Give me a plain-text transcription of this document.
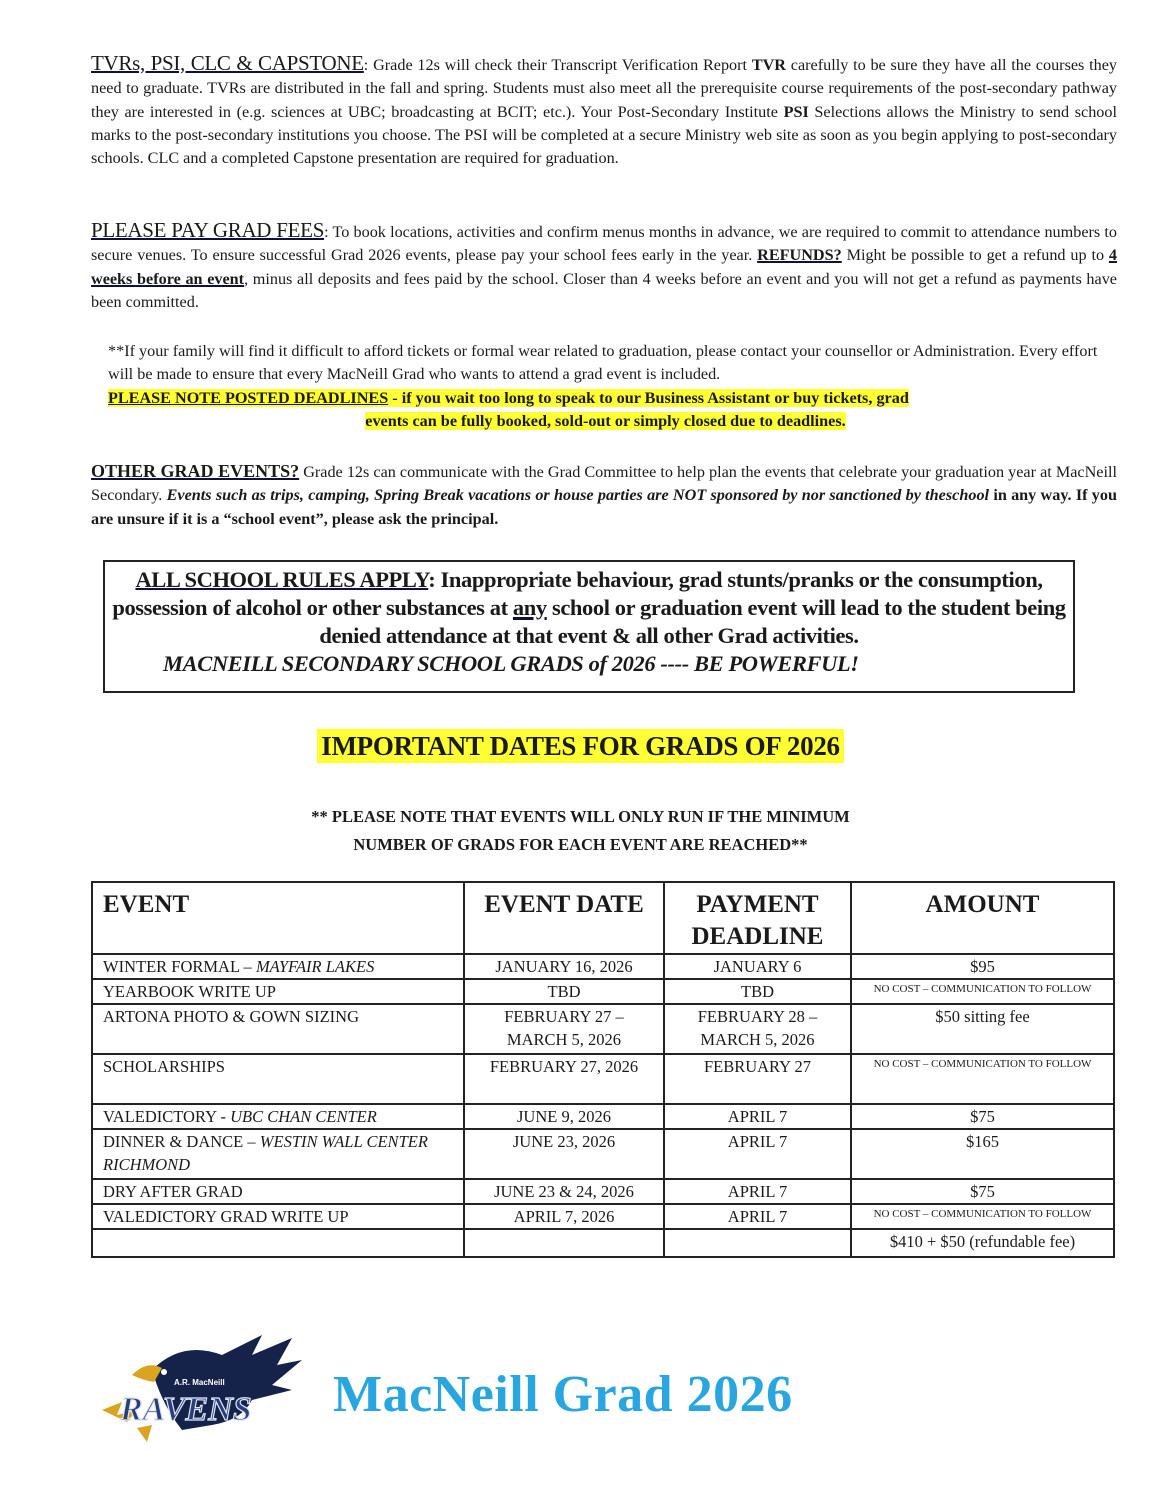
TVRs, PSI, CLC & CAPSTONE: Grade 12s will check their Transcript Verification Report TVR carefully to be sure they have all the courses they need to graduate. TVRs are distributed in the fall and spring. Students must also meet all the prerequisite course requirements of the post-secondary pathway they are interested in (e.g. sciences at UBC; broadcasting at BCIT; etc.). Your Post-Secondary Institute PSI Selections allows the Ministry to send school marks to the post-secondary institutions you choose. The PSI will be completed at a secure Ministry web site as soon as you begin applying to post-secondary schools. CLC and a completed Capstone presentation are required for graduation.
PLEASE PAY GRAD FEES: To book locations, activities and confirm menus months in advance, we are required to commit to attendance numbers to secure venues. To ensure successful Grad 2026 events, please pay your school fees early in the year. REFUNDS? Might be possible to get a refund up to 4 weeks before an event, minus all deposits and fees paid by the school. Closer than 4 weeks before an event and you will not get a refund as payments have been committed.
**If your family will find it difficult to afford tickets or formal wear related to graduation, please contact your counsellor or Administration. Every effort will be made to ensure that every MacNeill Grad who wants to attend a grad event is included.
PLEASE NOTE POSTED DEADLINES - if you wait too long to speak to our Business Assistant or buy tickets, grad
events can be fully booked, sold-out or simply closed due to deadlines.
OTHER GRAD EVENTS? Grade 12s can communicate with the Grad Committee to help plan the events that celebrate your graduation year at MacNeill Secondary. Events such as trips, camping, Spring Break vacations or house parties are NOT sponsored by nor sanctioned by theschool in any way. If you are unsure if it is a “school event”, please ask the principal.
ALL SCHOOL RULES APPLY: Inappropriate behaviour, grad stunts/pranks or the consumption, possession of alcohol or other substances at any school or graduation event will lead to the student being denied attendance at that event & all other Grad activities.
MACNEILL SECONDARY SCHOOL GRADS of 2026 ---- BE POWERFUL!
IMPORTANT DATES FOR GRADS OF 2026
** PLEASE NOTE THAT EVENTS WILL ONLY RUN IF THE MINIMUM
NUMBER OF GRADS FOR EACH EVENT ARE REACHED**
EVENT	EVENT DATE	PAYMENT DEADLINE	AMOUNT
WINTER FORMAL – MAYFAIR LAKES	JANUARY 16, 2026	JANUARY 6	$95
YEARBOOK WRITE UP	TBD	TBD	NO COST – COMMUNICATION TO FOLLOW

ARTONA PHOTO & GOWN SIZING	FEBRUARY 27 – MARCH 5, 2026	FEBRUARY 28 – MARCH 5, 2026	$50 sitting fee
SCHOLARSHIPS	FEBRUARY 27, 2026	FEBRUARY 27	NO COST – COMMUNICATION TO FOLLOW

VALEDICTORY - UBC CHAN CENTER	JUNE 9, 2026	APRIL 7	$75
DINNER & DANCE – WESTIN WALL CENTER RICHMOND	JUNE 23, 2026	APRIL 7	$165
DRY AFTER GRAD	JUNE 23 & 24, 2026	APRIL 7	$75
VALEDICTORY GRAD WRITE UP	APRIL 7, 2026	APRIL 7	NO COST – COMMUNICATION TO FOLLOW

			$410 + $50 (refundable fee)
A.R. MacNeill
RAVENS MacNeill Grad 2026
